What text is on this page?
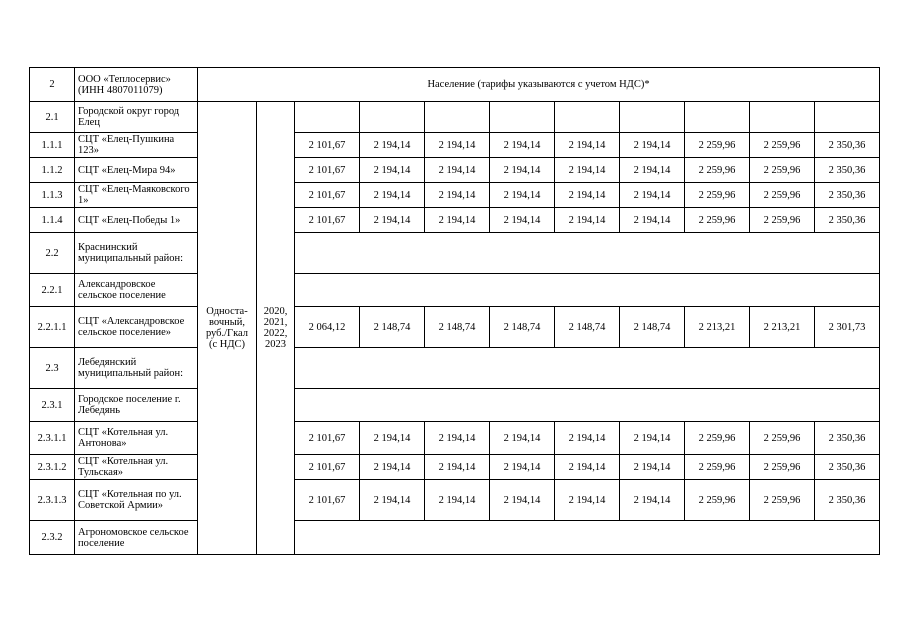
2	ООО «Теплосервис» (ИНН 4807011079)	Население (тарифы указываются с учетом НДС)*										
2.1	Городской округ город Елец	Односта-вочный, руб./Гкал (с НДС)	2020, 2021, 2022, 2023									
1.1.1	СЦТ «Елец-Пушкина 123»			2 101,67	2 194,14	2 194,14	2 194,14	2 194,14	2 194,14	2 259,96	2 259,96	2 350,36
1.1.2	СЦТ «Елец-Мира 94»			2 101,67	2 194,14	2 194,14	2 194,14	2 194,14	2 194,14	2 259,96	2 259,96	2 350,36
1.1.3	СЦТ «Елец-Маяковского 1»			2 101,67	2 194,14	2 194,14	2 194,14	2 194,14	2 194,14	2 259,96	2 259,96	2 350,36
1.1.4	СЦТ «Елец-Победы 1»			2 101,67	2 194,14	2 194,14	2 194,14	2 194,14	2 194,14	2 259,96	2 259,96	2 350,36
2.2	Краснинский муниципальный район:											
2.2.1	Александровское сельское поселение											
2.2.1.1	СЦТ «Александровское сельское поселение»			2 064,12	2 148,74	2 148,74	2 148,74	2 148,74	2 148,74	2 213,21	2 213,21	2 301,73
2.3	Лебедянский муниципальный район:											
2.3.1	Городское поселение г. Лебедянь											
2.3.1.1	СЦТ «Котельная ул. Антонова»			2 101,67	2 194,14	2 194,14	2 194,14	2 194,14	2 194,14	2 259,96	2 259,96	2 350,36
2.3.1.2	СЦТ «Котельная ул. Тульская»			2 101,67	2 194,14	2 194,14	2 194,14	2 194,14	2 194,14	2 259,96	2 259,96	2 350,36
2.3.1.3	СЦТ «Котельная по ул. Советской Армии»			2 101,67	2 194,14	2 194,14	2 194,14	2 194,14	2 194,14	2 259,96	2 259,96	2 350,36
2.3.2	Агрономовское сельское поселение											
